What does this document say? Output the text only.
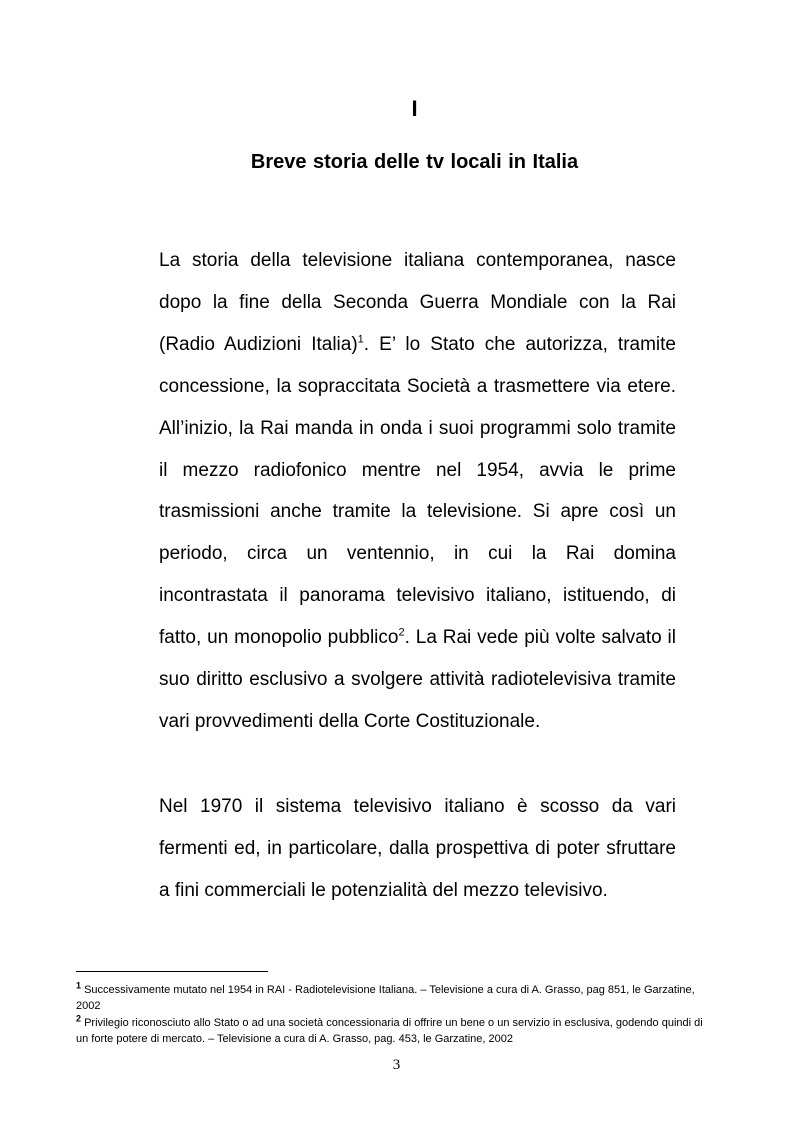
I
Breve storia delle tv locali in Italia

La storia della televisione italiana contemporanea, nasce dopo la fine della Seconda Guerra Mondiale con la Rai (Radio Audizioni Italia)$^1$. E’ lo Stato che autorizza, tramite concessione, la sopraccitata Società a trasmettere via etere. All’inizio, la Rai manda in onda i suoi programmi solo tramite il mezzo radiofonico mentre nel 1954, avvia le prime trasmissioni anche tramite la televisione. Si apre così un periodo, circa un ventennio, in cui la Rai domina incontrastata il panorama televisivo italiano, istituendo, di fatto, un monopolio pubblico$^2$. La Rai vede più volte salvato il suo diritto esclusivo a svolgere attività radiotelevisiva tramite vari provvedimenti della Corte Costituzionale.

Nel 1970 il sistema televisivo italiano è scosso da vari fermenti ed, in particolare, dalla prospettiva di poter sfruttare a fini commerciali le potenzialità del mezzo televisivo.

$^1$ Successivamente mutato nel 1954 in RAI - Radiotelevisione Italiana. – Televisione a cura di A. Grasso, pag 851, le Garzatine, 2002

$^2$ Privilegio riconosciuto allo Stato o ad una società concessionaria di offrire un bene o un servizio in esclusiva, godendo quindi di un forte potere di mercato. – Televisione a cura di A. Grasso, pag. 453, le Garzatine, 2002

3
